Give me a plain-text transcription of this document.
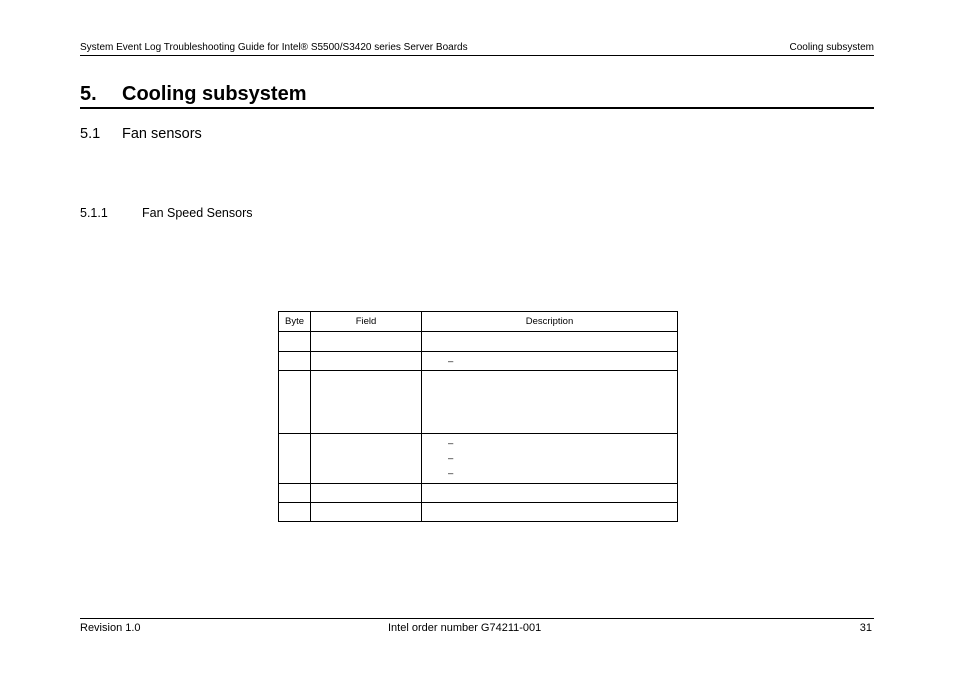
System Event Log Troubleshooting Guide for Intel® S5500/S3420 series Server Boards	Cooling subsystem
5. Cooling subsystem
5.1 Fan sensors
5.1.1	Fan Speed Sensors
Byte	Field	Description

		–

		–
–
–

Revision 1.0	Intel order number G74211-001	31
